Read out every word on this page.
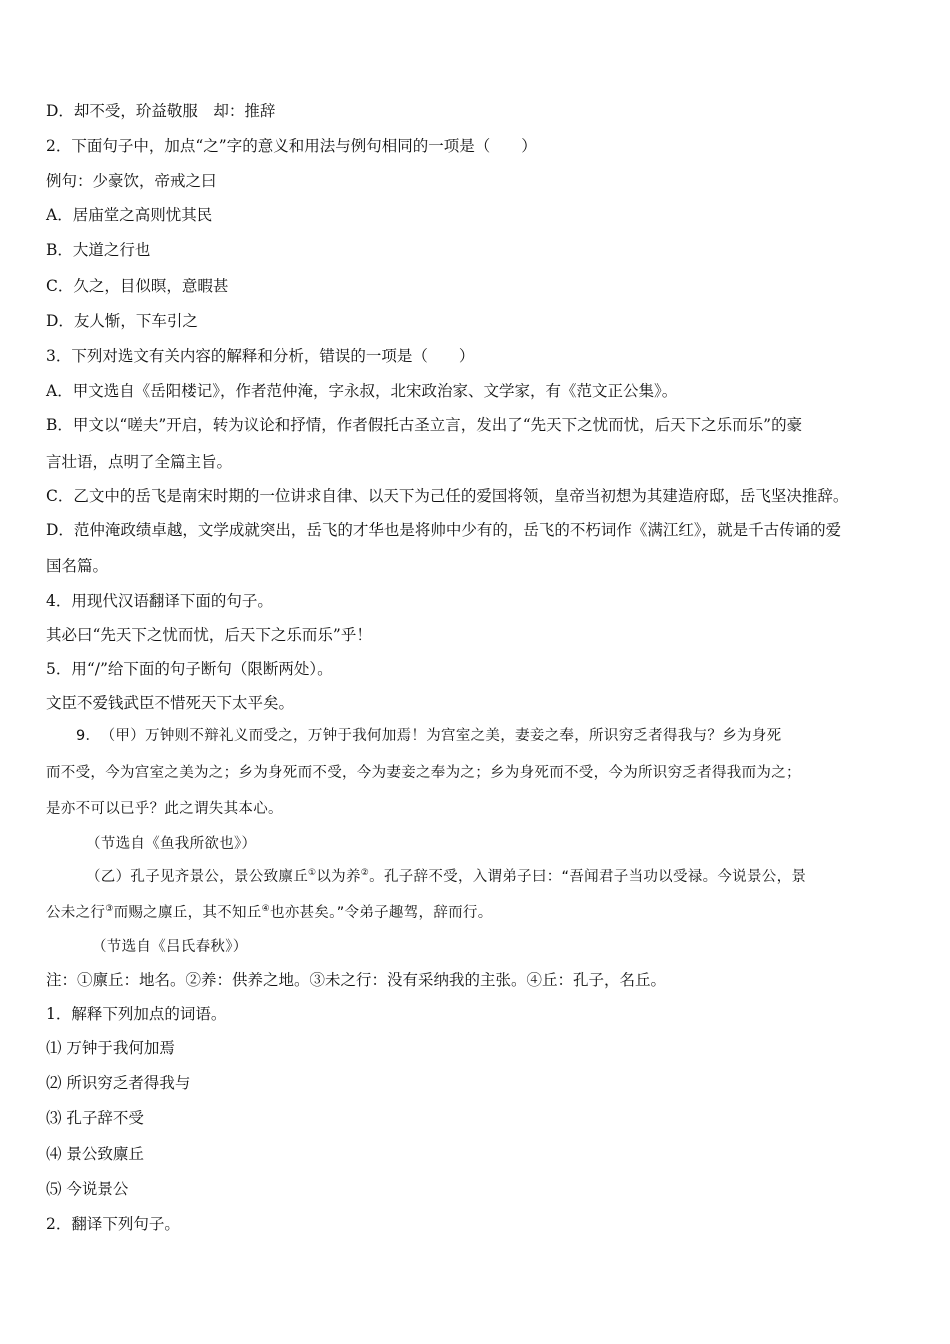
D．却不受，玠益敬服　却：推辞
2．下面句子中，加点“之”字的意义和用法与例句相同的一项是（　　）
例句：少豪饮，帝戒之曰
A．居庙堂之高则忧其民
B．大道之行也
C．久之，目似暝，意暇甚
D．友人惭，下车引之
3．下列对选文有关内容的解释和分析，错误的一项是（　　）
A．甲文选自《岳阳楼记》，作者范仲淹，字永叔，北宋政治家、文学家，有《范文正公集》。
B．甲文以“嗟夫”开启，转为议论和抒情，作者假托古圣立言，发出了“先天下之忧而忧，后天下之乐而乐”的豪
言壮语，点明了全篇主旨。
C．乙文中的岳飞是南宋时期的一位讲求自律、以天下为己任的爱国将领，皇帝当初想为其建造府邸，岳飞坚决推辞。
D．范仲淹政绩卓越，文学成就突出，岳飞的才华也是将帅中少有的，岳飞的不朽词作《满江红》，就是千古传诵的爱
国名篇。
4．用现代汉语翻译下面的句子。
其必曰“先天下之忧而忧，后天下之乐而乐”乎！
5．用“/”给下面的句子断句（限断两处）。
文臣不爱钱武臣不惜死天下太平矣。
9．　（甲）万钟则不辩礼义而受之，万钟于我何加焉！为宫室之美，妻妾之奉，所识穷乏者得我与？乡为身死
而不受，今为宫室之美为之；乡为身死而不受，今为妻妾之奉为之；乡为身死而不受，今为所识穷乏者得我而为之；
是亦不可以已乎？此之谓失其本心。
（节选自《鱼我所欲也》）
（乙）孔子见齐景公，景公致廪丘①以为养②。孔子辞不受，入谓弟子曰：“吾闻君子当功以受禄。今说景公，景
公未之行③而赐之廪丘，其不知丘④也亦甚矣。”令弟子趣驾，辞而行。
（节选自《吕氏春秋》）
注：①廪丘：地名。②养：供养之地。③未之行：没有采纳我的主张。④丘：孔子，名丘。
1．解释下列加点的词语。
⑴ 万钟于我何加焉
⑵ 所识穷乏者得我与
⑶ 孔子辞不受
⑷ 景公致廪丘
⑸ 今说景公
2．翻译下列句子。
